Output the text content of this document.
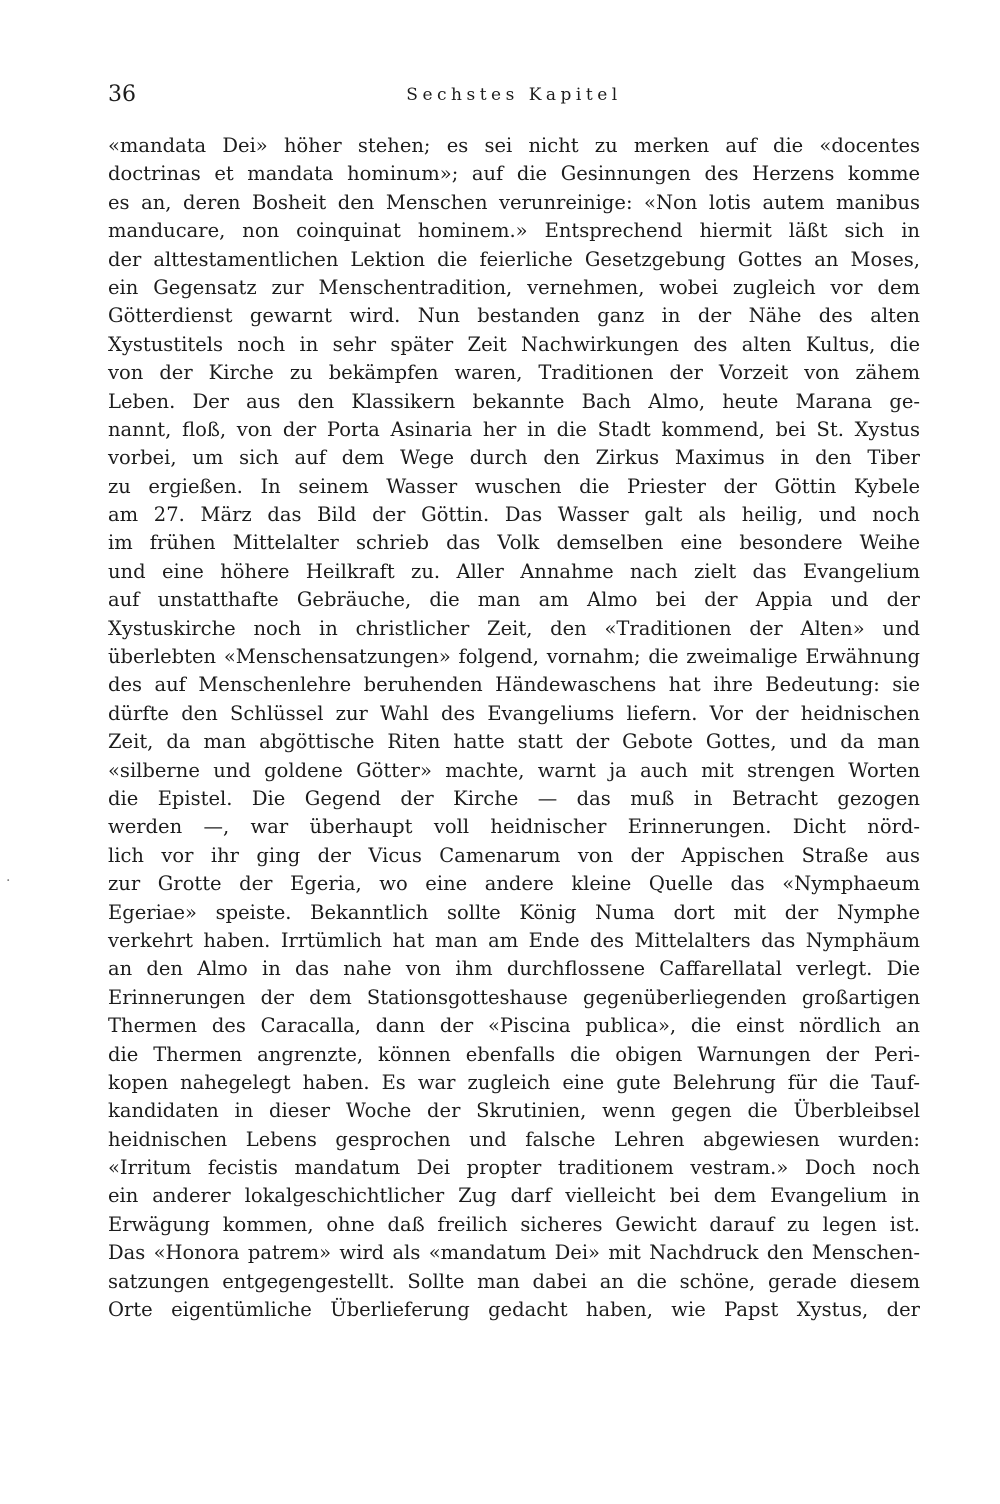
36	Sechstes Kapitel
·
«mandata Dei» höher stehen; es sei nicht zu merken auf die «docentes
doctrinas et mandata hominum»; auf die Gesinnungen des Herzens komme
es an, deren Bosheit den Menschen verunreinige: «Non lotis autem manibus
manducare, non coinquinat hominem.» Entsprechend hiermit läßt sich in
der alttestamentlichen Lektion die feierliche Gesetzgebung Gottes an Moses,
ein Gegensatz zur Menschentradition, vernehmen, wobei zugleich vor dem
Götterdienst gewarnt wird. Nun bestanden ganz in der Nähe des alten
Xystustitels noch in sehr später Zeit Nachwirkungen des alten Kultus, die
von der Kirche zu bekämpfen waren, Traditionen der Vorzeit von zähem
Leben. Der aus den Klassikern bekannte Bach Almo, heute Marana ge-
nannt, floß, von der Porta Asinaria her in die Stadt kommend, bei St. Xystus
vorbei, um sich auf dem Wege durch den Zirkus Maximus in den Tiber
zu ergießen. In seinem Wasser wuschen die Priester der Göttin Kybele
am 27. März das Bild der Göttin. Das Wasser galt als heilig, und noch
im frühen Mittelalter schrieb das Volk demselben eine besondere Weihe
und eine höhere Heilkraft zu. Aller Annahme nach zielt das Evangelium
auf unstatthafte Gebräuche, die man am Almo bei der Appia und der
Xystuskirche noch in christlicher Zeit, den «Traditionen der Alten» und
überlebten «Menschensatzungen» folgend, vornahm; die zweimalige Erwähnung
des auf Menschenlehre beruhenden Händewaschens hat ihre Bedeutung: sie
dürfte den Schlüssel zur Wahl des Evangeliums liefern. Vor der heidnischen
Zeit, da man abgöttische Riten hatte statt der Gebote Gottes, und da man
«silberne und goldene Götter» machte, warnt ja auch mit strengen Worten
die Epistel. Die Gegend der Kirche — das muß in Betracht gezogen
werden —, war überhaupt voll heidnischer Erinnerungen. Dicht nörd-
lich vor ihr ging der Vicus Camenarum von der Appischen Straße aus
zur Grotte der Egeria, wo eine andere kleine Quelle das «Nymphaeum
Egeriae» speiste. Bekanntlich sollte König Numa dort mit der Nymphe
verkehrt haben. Irrtümlich hat man am Ende des Mittelalters das Nymphäum
an den Almo in das nahe von ihm durchflossene Caffarellatal verlegt. Die
Erinnerungen der dem Stationsgotteshause gegenüberliegenden großartigen
Thermen des Caracalla, dann der «Piscina publica», die einst nördlich an
die Thermen angrenzte, können ebenfalls die obigen Warnungen der Peri-
kopen nahegelegt haben. Es war zugleich eine gute Belehrung für die Tauf-
kandidaten in dieser Woche der Skrutinien, wenn gegen die Überbleibsel
heidnischen Lebens gesprochen und falsche Lehren abgewiesen wurden:
«Irritum fecistis mandatum Dei propter traditionem vestram.» Doch noch
ein anderer lokalgeschichtlicher Zug darf vielleicht bei dem Evangelium in
Erwägung kommen, ohne daß freilich sicheres Gewicht darauf zu legen ist.
Das «Honora patrem» wird als «mandatum Dei» mit Nachdruck den Menschen-
satzungen entgegengestellt. Sollte man dabei an die schöne, gerade diesem
Orte eigentümliche Überlieferung gedacht haben, wie Papst Xystus, der
